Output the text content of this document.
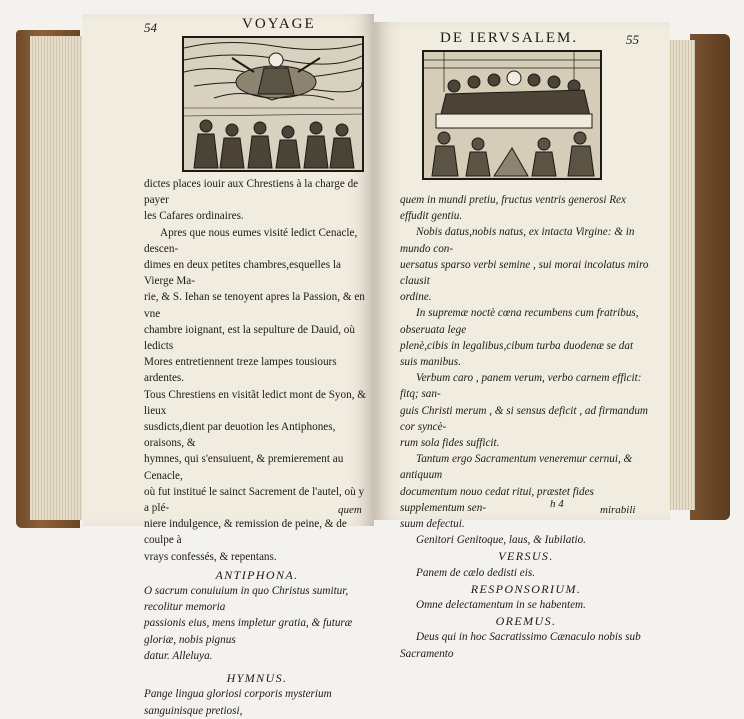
54	VOYAGE

dictes places iouir aux Chrestiens à la charge de payer

les Cafares ordinaires.

Apres que nous eumes visité ledict Cenacle, descen-

dimes en deux petites chambres,esquelles la Vierge Ma-

rie, & S. Iehan se tenoyent apres la Passion, & en vne

chambre ioignant, est la sepulture de Dauid, où ledicts

Mores entretiennent treze lampes tousiours ardentes.

Tous Chrestiens en visitãt ledict mont de Syon, & lieux

susdicts,dient par deuotion les Antiphones, oraisons, &

hymnes, qui s'ensuiuent, & premierement au Cenacle,

où fut institué le sainct Sacrement de l'autel, où y a plé-

niere indulgence, & remission de peine, & de coulpe à

vrays confessés, & repentans.

ANTIPHONA.

O sacrum conuiuium in quo Christus sumitur, recolitur memoria

passionis eius, mens impletur gratia, & futuræ gloriæ, nobis pignus

datur. Alleluya.

HYMNUS.

Pange lingua gloriosi corporis mysterium sanguinisque pretiosi,

quem
DE IERVSALEM.	55

quem in mundi pretiu, fructus ventris generosi Rex effudit gentiu.

Nobis datus,nobis natus, ex intacta Virgine: & in mundo con-

uersatus sparso verbi semine , sui morai incolatus miro clausit

ordine.

In supremæ noctè cœna recumbens cum fratribus, obseruata lege

plenè,cibis in legalibus,cibum turba duodenæ se dat suis manibus.

Verbum caro , panem verum, verbo carnem efficit: fitq; san-

guis Christi merum , & si sensus deficit , ad firmandum cor syncè-

rum sola fides sufficit.

Tantum ergo Sacramentum veneremur cernui, & antiquum

documentum nouo cedat ritui, præstet fides supplementum sen-

suum defectui.

Genitori Genitoque, laus, & Iubilatio.

VERSUS.

Panem de cælo dedisti eis.

RESPONSORIUM.

Omne delectamentum in se habentem.

OREMUS.

Deus qui in hoc Sacratissimo Cænaculo nobis sub Sacramento

h 4	mirabili
